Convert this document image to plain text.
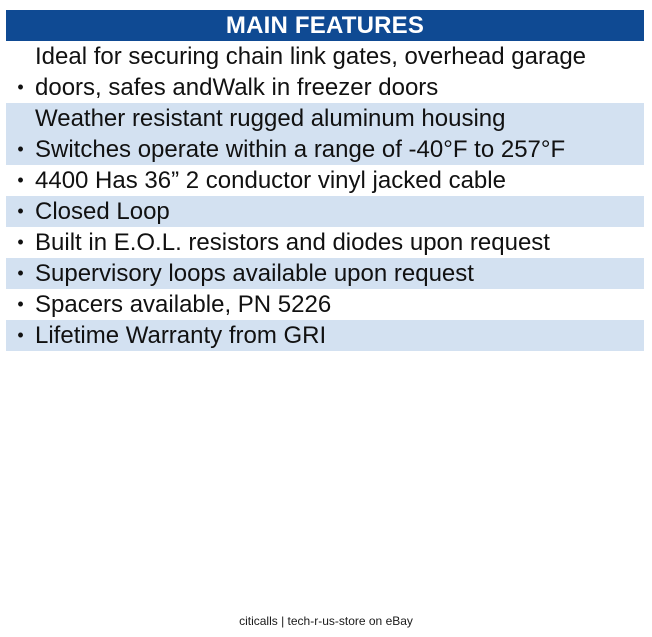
MAIN FEATURES
•
Ideal for securing chain link gates, overhead garage
doors, safes andWalk in freezer doors
•
Weather resistant rugged aluminum housing
Switches operate within a range of -40°F to 257°F
• 4400 Has 36” 2 conductor vinyl jacked cable
• Closed Loop
• Built in E.O.L. resistors and diodes upon request
• Supervisory loops available upon request
• Spacers available, PN 5226
• Lifetime Warranty from GRI
citicalls | tech-r-us-store on eBay
